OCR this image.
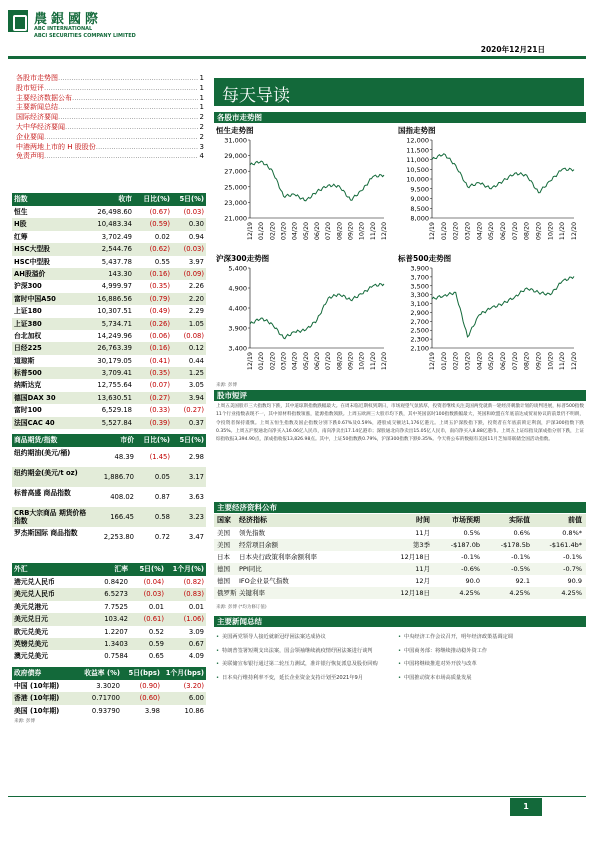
農銀國際
ABC INTERNATIONAL
ABCI SECURITIES COMPANY LIMITED
2020年12月21日
各股市走势图 .....	1
股市短评 .....	1
主要经济数据公布 .....	1
主要新闻总结 .....	1
国际经济要闻 .....	2
大中华经济要闻 .....	2
企业要闻 .....	2
中港两地上市的 H 股股份 .....	3
免责声明 .....	4
每天导读
指数	收市	日比(%)	5日(%)
恒生	26,498.60	(0.67)	(0.03)
H股	10,483.34	(0.59)	0.30
红筹	3,702.49	0.02	0.94
HSC大型股	2,544.76	(0.62)	(0.03)
HSC中型股	5,437.78	0.55	3.97
AH股溢价	143.30	(0.16)	(0.09)
沪深300	4,999.97	(0.35)	2.26
富时中国A50	16,886.56	(0.79)	2.20
上证180	10,307.51	(0.49)	2.29
上证380	5,734.71	(0.26)	1.05
台北加权	14,249.96	(0.06)	(0.08)
日经225	26,763.39	(0.16)	0.12
道琼斯	30,179.05	(0.41)	0.44
标普500	3,709.41	(0.35)	1.25
纳斯达克	12,755.64	(0.07)	3.05
德国DAX 30	13,630.51	(0.27)	3.94
富时100	6,529.18	(0.33)	(0.27)
法国CAC 40	5,527.84	(0.39)	0.37
商品期货/指数	市价	日比(%)	5日(%)
纽约期油(美元/桶)	48.39	(1.45)	2.98
纽约期金(美元/t oz)	1,886.70	0.05	3.17
标普高盛 商品指数	408.02	0.87	3.63
CRB大宗商品 期货价格指数	166.45	0.58	3.23
罗杰斯国际 商品指数	2,253.80	0.72	3.47
外汇	汇率	5日(%)	1个月(%)
港元兑人民币	0.8420	(0.04)	(0.82)
美元兑人民币	6.5273	(0.03)	(0.83)
美元兑港元	7.7525	0.01	0.01
美元兑日元	103.42	(0.61)	(1.06)
欧元兑美元	1.2207	0.52	3.09
英镑兑美元	1.3403	0.59	0.67
澳元兑美元	0.7584	0.65	4.09
政府债券	收益率 (%)	5日(bps) 1个月(bps)
中国 (10年期)	3.3020	(0.90)	(3.20)
香港 (10年期)	0.71700	(0.60)	6.00
美国 (10年期)	0.93790	3.98	10.86
来源: 彭博
各股市走势图
恒生走势图
31,000
29,000
27,000
25,000
23,000
21,000
12/19 01/20 02/20 03/20 04/20 05/20 06/20 07/20 08/20 09/20 10/20 11/20 12/20
国指走势图
12,000
11,500
11,000
10,500
10,000
9,500
9,000
8,500
8,000
12/19 01/20 02/20 03/20 04/20 05/20 06/20 07/20 08/20 09/20 10/20 11/20 12/20
沪深300走势图
5,400
4,900
4,400
3,900
3,400
12/19 01/20 02/20 03/20 04/20 05/20 06/20 07/20 08/20 09/20 10/20 11/20 12/20
标普500走势图
3,900
3,700
3,500
3,300
3,100
2,900
2,700
2,500
2,300
2,100
12/19 01/20 02/20 03/20 04/20 05/20 06/20 07/20 08/20 09/20 10/20 11/20 12/20
来源: 彭博
股市短评
上周五美国股市三大指数均下跌，其中道琼斯指数跌幅最大。在周末临近期权到期日，市场观望气氛浓厚，投资者继续关注美国两党就新一轮经济刺激计划的谈判进展，标普500指数11个行业指数表现不一，其中原材料指数领涨，能源指数领跌。上周五欧洲三大股市均下跌，其中英国富时100指数跌幅最大，英国和欧盟在年底前达成贸易协议的前景仍不明朗，令投资者保持谨慎。上周五恒生指数及国企指数分别下跌0.67%及0.59%，港股成交额达1,176亿港元。上周五沪深股指下跌，投资者在年底前锁定利润，沪深300指数下跌0.35%。上周五沪股通北向净买入16.06亿人民币，南向净卖出17.14亿港币；深股通北向净卖出15.05亿人民币，南向净买入8.88亿港币。上周五上证综指及深成指分别下跌，上证综指收报3,394.90点，深成指收报13,826.98点。其中，上证50指数跌0.79%，沪深300指数下跌0.35%。今天将公布的数据有美国11月芝加哥联储全国活动指数。
主要经济资料公布
国家	经济指标	时间	市场预期	实际值	前值
美国	领先指数	11月	0.5%	0.6%	0.8%*
美国	经常项目余额	第3季	-$187.0b	-$178.5b	-$161.4b*
日本	日本央行政策利率余额利率	12月18日	-0.1%	-0.1%	-0.1%
德国	PPI同比	11月	-0.6%	-0.5%	-0.7%
德国	IFO企业景气指数	12月	90.0	92.1	90.9
俄罗斯 关键利率	12月18日	4.25%	4.25%	4.25%
来源: 彭博 (*均为修订值)
主要新闻总结
• 美国两党领导人接近就新冠纾困法案达成协议
• 特朗普签署短期支出法案，国会领袖继续就疫情纾困法案进行谈判
• 美联储宣布银行通过第二轮压力测试，准许银行恢复派息及股份回购
• 日本央行维持利率不变，延长企业资金支持计划至2021年9月
• 中央经济工作会议召开，明年经济政策基调定调
• 中国商务部：将继续推动稳外资工作
• 中国将继续推进对外开放与改革
• 中国推动资本市场高质量发展
1
